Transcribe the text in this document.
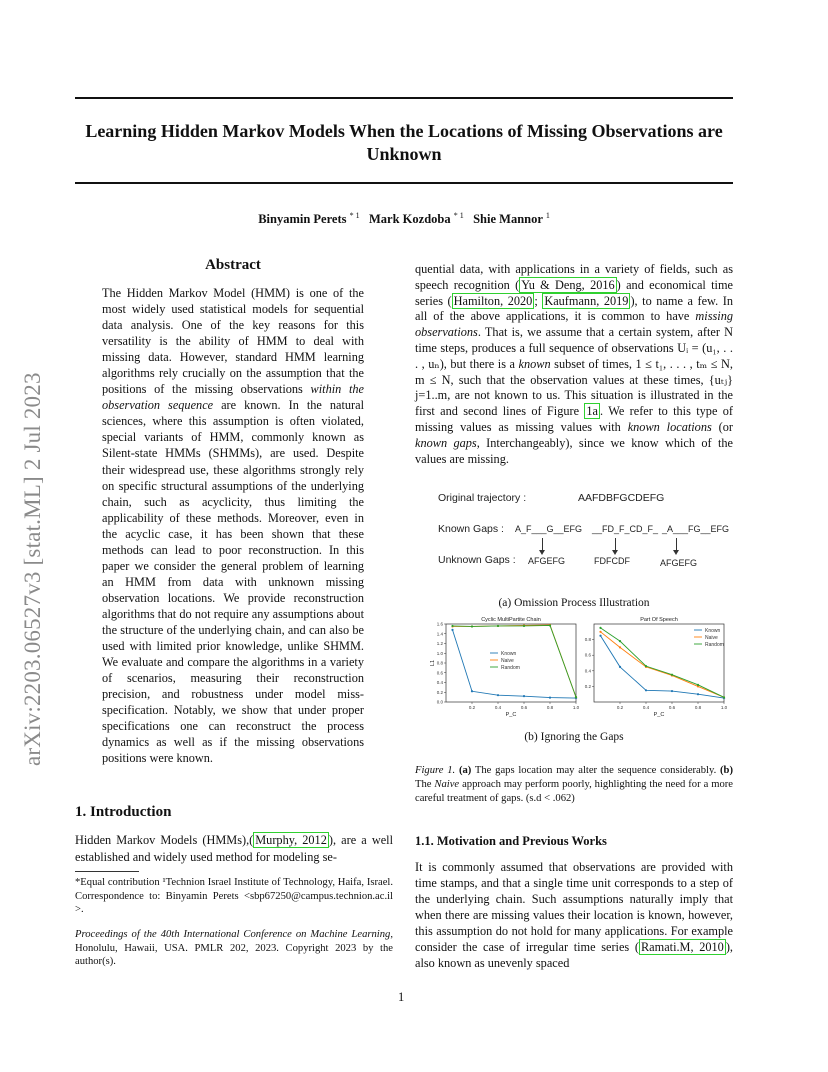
Learning Hidden Markov Models When the Locations of Missing Observations are Unknown
Binyamin Perets $^{* 1}$ Mark Kozdoba $^{* 1}$ Shie Mannor $^1$
arXiv:2203.06527v3 [stat.ML] 2 Jul 2023
Abstract
The Hidden Markov Model (HMM) is one of the most widely used statistical models for sequential data analysis. One of the key reasons for this versatility is the ability of HMM to deal with missing data. However, standard HMM learning algorithms rely crucially on the assumption that the positions of the missing observations within the observation sequence are known. In the natural sciences, where this assumption is often violated, special variants of HMM, commonly known as Silent-state HMMs (SHMMs), are used. Despite their widespread use, these algorithms strongly rely on specific structural assumptions of the underlying chain, such as acyclicity, thus limiting the applicability of these methods. Moreover, even in the acyclic case, it has been shown that these methods can lead to poor reconstruction. In this paper we consider the general problem of learning an HMM from data with unknown missing observation locations. We provide reconstruction algorithms that do not require any assumptions about the structure of the underlying chain, and can also be used with limited prior knowledge, unlike SHMM. We evaluate and compare the algorithms in a variety of scenarios, measuring their reconstruction precision, and robustness under model miss-specification. Notably, we show that under proper specifications one can reconstruct the process dynamics as well as if the missing observations positions were known.
1. Introduction
Hidden Markov Models (HMMs),( Murphy, 2012 ), are a well established and widely used method for modeling se-
*Equal contribution ¹Technion Israel Institute of Technology, Haifa, Israel. Correspondence to: Binyamin Perets <sbp67250@campus.technion.ac.il >.
Proceedings of the 40th International Conference on Machine Learning, Honolulu, Hawaii, USA. PMLR 202, 2023. Copyright 2023 by the author(s).
quential data, with applications in a variety of fields, such as speech recognition ( Yu & Deng, 2016 ) and economical time series ( Hamilton, 2020 ; Kaufmann, 2019 ), to name a few. In all of the above applications, it is common to have missing observations. That is, we assume that a certain system, after N time steps, produces a full sequence of observations Uᵢ = (u₁, . . . , uₙ), but there is a known subset of times, 1 ≤ t₁, . . . , tₘ ≤ N, m ≤ N, such that the observation values at these times, {uₜⱼ} j=1..m, are not known to us. This situation is illustrated in the first and second lines of Figure 1a . We refer to this type of missing values as missing values with known locations (or known gaps, Interchangeably), since we know which of the values are missing.
Original trajectory :	AAFDBFGCDEFG
Known Gaps : A_F___G__EFG __FD_F_CD_F_ _A___FG__EFG
Unknown Gaps : AFGEFG	FDFCDF	AFGEFG
(a) Omission Process Illustration
Cyclic MultiPartite Chain
0.2	0.4	0.6	0.8	1.0
0.0
0.2
0.4
0.6
0.8
1.0
1.2
1.4
1.6
P_C
L1
Known
Naive
Random
Part Of Speech
0.2	0.4	0.6	0.8	1.0
0.2
0.4
0.6
0.8
P_C
Known
Naive
Random
(b) Ignoring the Gaps
Figure 1. (a) The gaps location may alter the sequence considerably. (b) The Naive approach may perform poorly, highlighting the need for a more careful treatment of gaps. (s.d < .062)
1.1. Motivation and Previous Works
It is commonly assumed that observations are provided with time stamps, and that a single time unit corresponds to a step of the underlying chain. Such assumptions naturally imply that when there are missing values their location is known, however, this assumption do not hold for many applications. For example consider the case of irregular time series ( Ramati.M, 2010 ), also known as unevenly spaced
1
